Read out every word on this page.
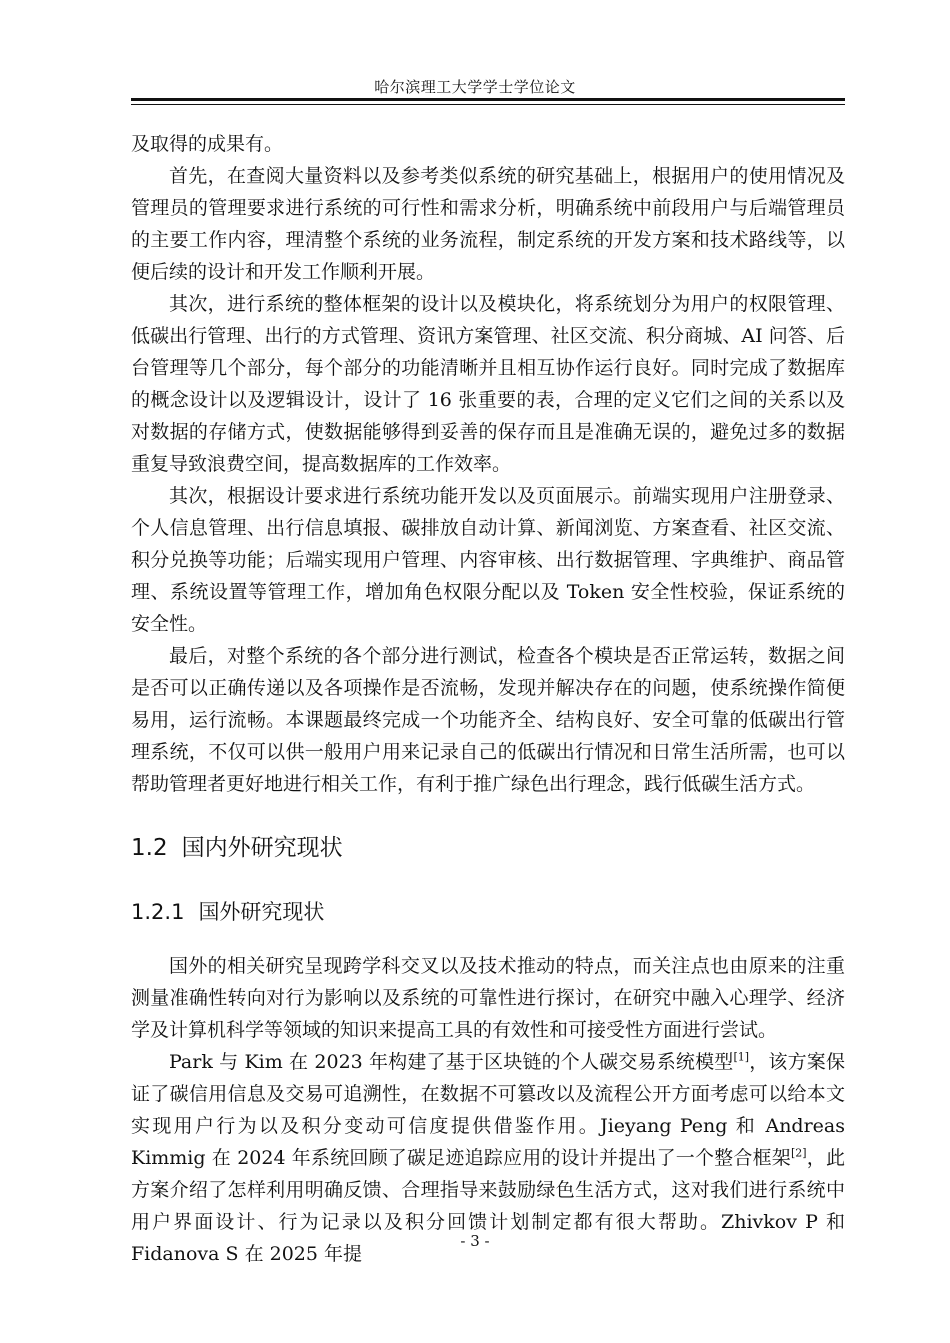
哈尔滨理工大学学士学位论文

及取得的成果有。

首先，在查阅大量资料以及参考类似系统的研究基础上，根据用户的使用情况及管理员的管理要求进行系统的可行性和需求分析，明确系统中前段用户与后端管理员的主要工作内容，理清整个系统的业务流程，制定系统的开发方案和技术路线等，以便后续的设计和开发工作顺利开展。

其次，进行系统的整体框架的设计以及模块化，将系统划分为用户的权限管理、低碳出行管理、出行的方式管理、资讯方案管理、社区交流、积分商城、AI 问答、后台管理等几个部分，每个部分的功能清晰并且相互协作运行良好。同时完成了数据库的概念设计以及逻辑设计，设计了 16 张重要的表，合理的定义它们之间的关系以及对数据的存储方式，使数据能够得到妥善的保存而且是准确无误的，避免过多的数据重复导致浪费空间，提高数据库的工作效率。

其次，根据设计要求进行系统功能开发以及页面展示。前端实现用户注册登录、个人信息管理、出行信息填报、碳排放自动计算、新闻浏览、方案查看、社区交流、积分兑换等功能；后端实现用户管理、内容审核、出行数据管理、字典维护、商品管理、系统设置等管理工作，增加角色权限分配以及 Token 安全性校验，保证系统的安全性。

最后，对整个系统的各个部分进行测试，检查各个模块是否正常运转，数据之间是否可以正确传递以及各项操作是否流畅，发现并解决存在的问题，使系统操作简便易用，运行流畅。本课题最终完成一个功能齐全、结构良好、安全可靠的低碳出行管理系统，不仅可以供一般用户用来记录自己的低碳出行情况和日常生活所需，也可以帮助管理者更好地进行相关工作，有利于推广绿色出行理念，践行低碳生活方式。

1.2 国内外研究现状
1.2.1 国外研究现状

国外的相关研究呈现跨学科交叉以及技术推动的特点，而关注点也由原来的注重测量准确性转向对行为影响以及系统的可靠性进行探讨，在研究中融入心理学、经济学及计算机科学等领域的知识来提高工具的有效性和可接受性方面进行尝试。

Park 与 Kim 在 2023 年构建了基于区块链的个人碳交易系统模型[1]，该方案保证了碳信用信息及交易可追溯性，在数据不可篡改以及流程公开方面考虑可以给本文实现用户行为以及积分变动可信度提供借鉴作用。Jieyang Peng 和 Andreas Kimmig 在 2024 年系统回顾了碳足迹追踪应用的设计并提出了一个整合框架[2]，此方案介绍了怎样利用明确反馈、合理指导来鼓励绿色生活方式，这对我们进行系统中用户界面设计、行为记录以及积分回馈计划制定都有很大帮助。Zhivkov P 和 Fidanova S 在 2025 年提

- 3 -
